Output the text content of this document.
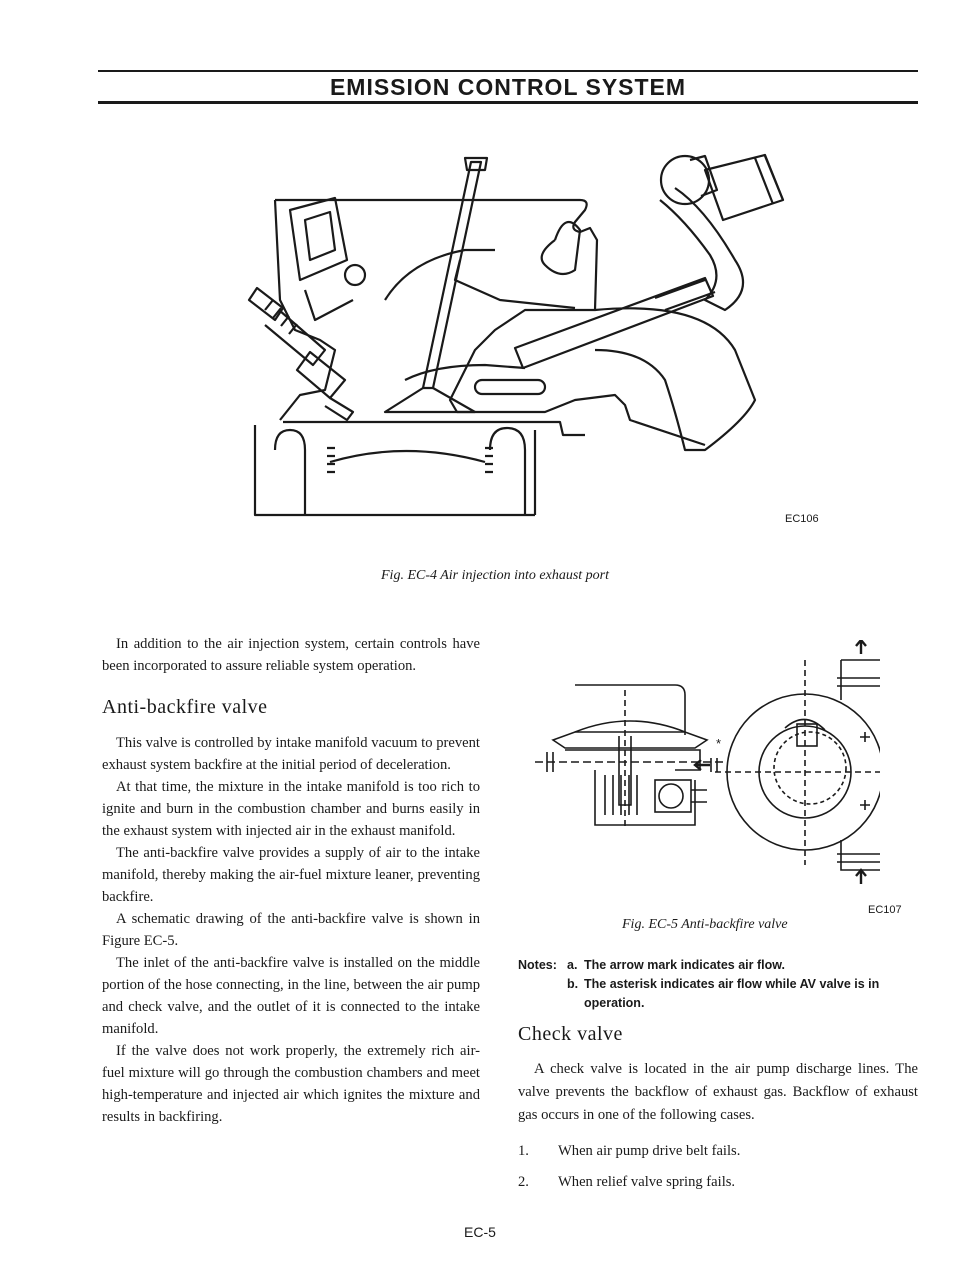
EMISSION CONTROL SYSTEM
EC106
Fig. EC-4 Air injection into exhaust port

In addition to the air injection system, certain controls have been incorporated to assure reliable system operation.

Anti-backfire valve

This valve is controlled by intake manifold vacuum to prevent exhaust system backfire at the initial period of deceleration.

At that time, the mixture in the intake manifold is too rich to ignite and burn in the combustion chamber and burns easily in the exhaust system with injected air in the exhaust manifold.

The anti-backfire valve provides a supply of air to the intake manifold, thereby making the air-fuel mixture leaner, preventing backfire.

A schematic drawing of the anti-backfire valve is shown in Figure EC-5.

The inlet of the anti-backfire valve is installed on the middle portion of the hose connecting, in the line, between the air pump and check valve, and the outlet of it is connected to the intake manifold.

If the valve does not work properly, the extremely rich air-fuel mixture will go through the combustion chambers and meet high-temperature and injected air which ignites the mixture and results in backfiring.

*
Fig. EC-5 Anti-backfire valve
EC107
Notes: a. The arrow mark indicates air flow.
b. The asterisk indicates air flow while AV valve is in operation.
Check valve

A check valve is located in the air pump discharge lines. The valve prevents the backflow of exhaust gas. Backflow of exhaust gas occurs in one of the following cases.

1.	When air pump drive belt fails.
2.	When relief valve spring fails.
EC-5
